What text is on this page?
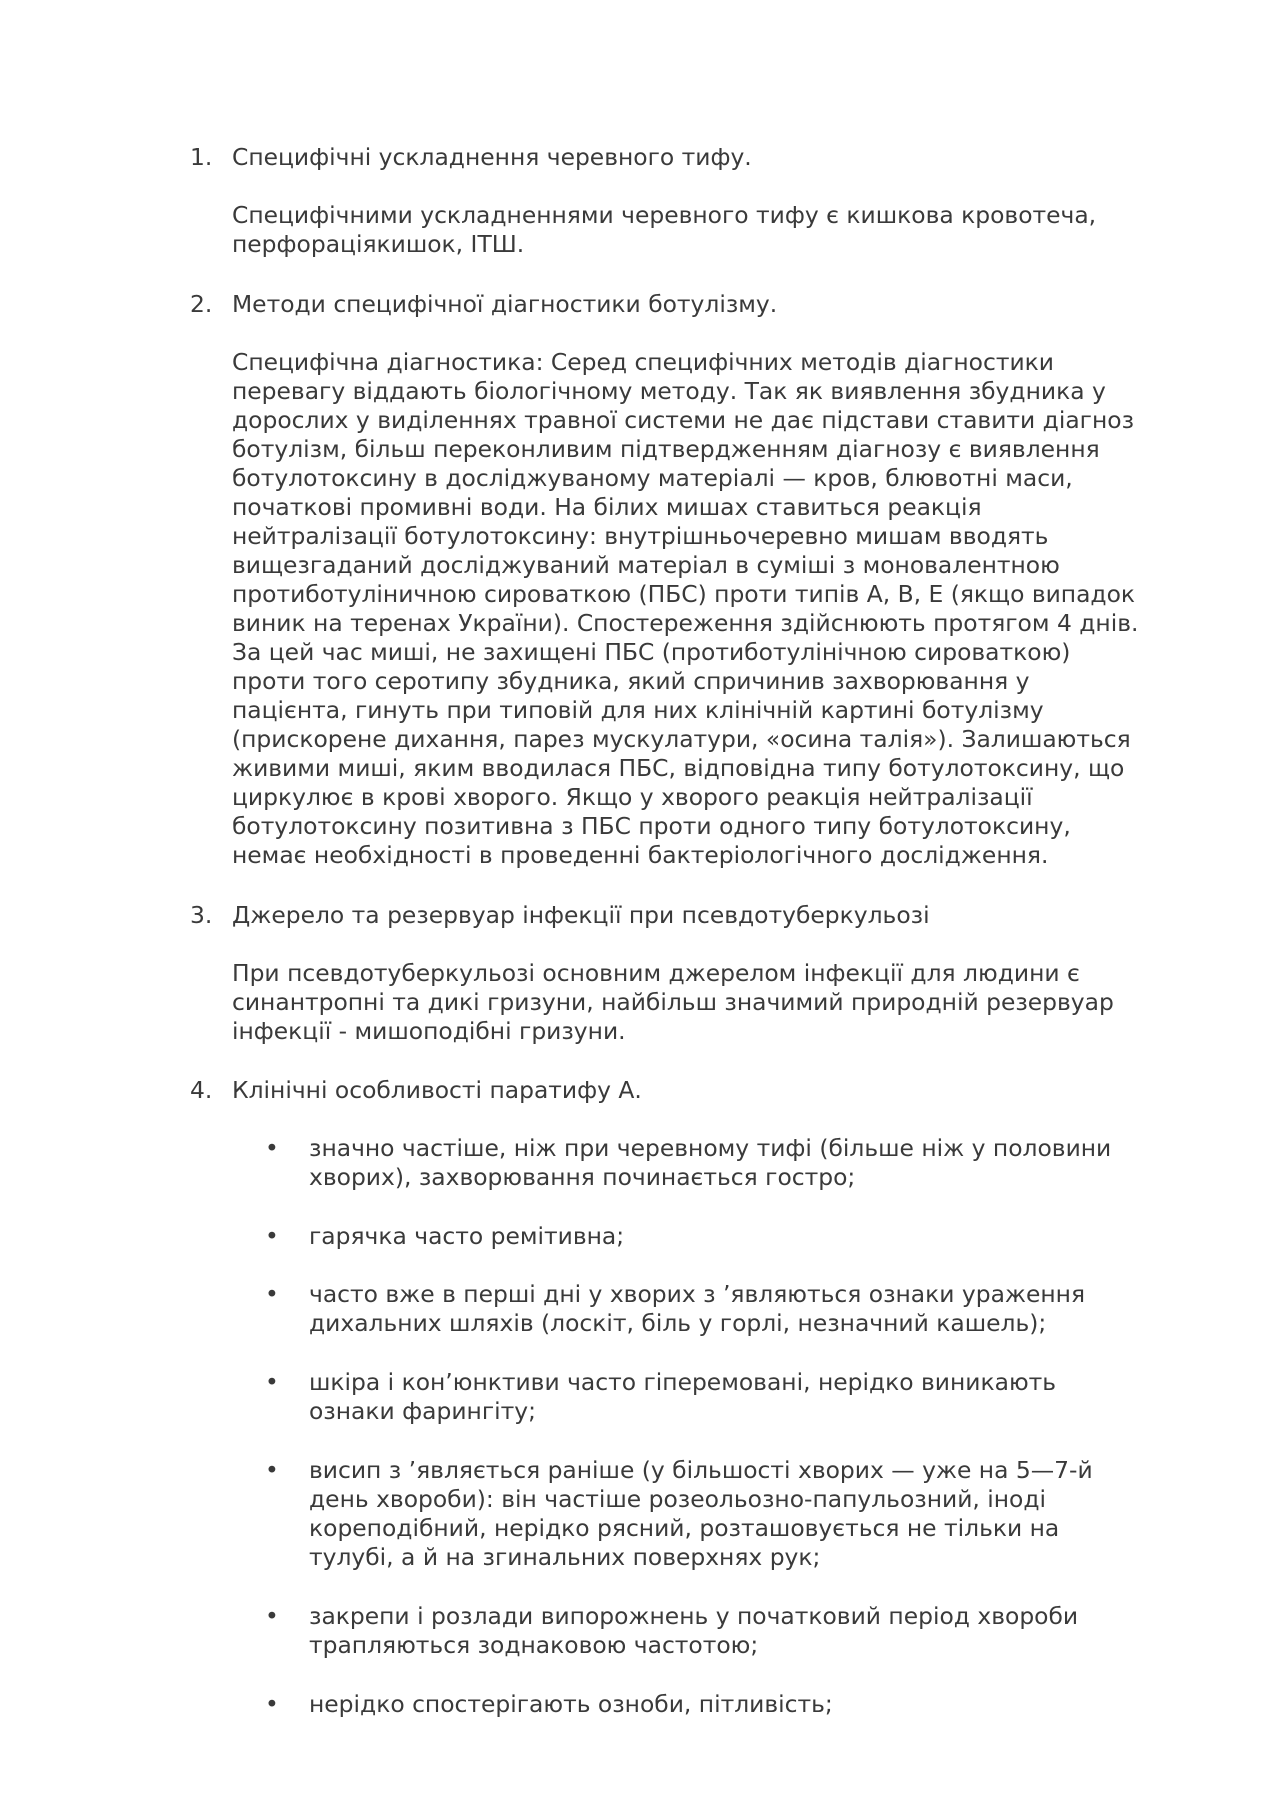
1. Специфічні ускладнення черевного тифу.
Специфічними ускладненнями черевного тифу є кишкова кровотеча,
перфораціякишок, ІТШ.
2. Методи специфічної діагностики ботулізму.
Специфічна діагностика: Серед специфічних методів діагностики
перевагу віддають біологічному методу. Так як виявлення збудника у
дорослих у виділеннях травної системи не дає підстави ставити діагноз
ботулізм, більш переконливим підтвердженням діагнозу є виявлення
ботулотоксину в досліджуваному матеріалі — кров, блювотні маси,
початкові промивні води. На білих мишах ставиться реакція
нейтралізації ботулотоксину: внутрішньочеревно мишам вводять
вищезгаданий досліджуваний матеріал в суміші з моновалентною
протиботуліничною сироваткою (ПБС) проти типів А, В, Е (якщо випадок
виник на теренах України). Спостереження здійснюють протягом 4 днів.
За цей час миші, не захищені ПБС (протиботулінічною сироваткою)
проти того серотипу збудника, який спричинив захворювання у
пацієнта, гинуть при типовій для них клінічній картині ботулізму
(прискорене дихання, парез мускулатури, «осина талія»). Залишаються
живими миші, яким вводилася ПБС, відповідна типу ботулотоксину, що
циркулює в крові хворого. Якщо у хворого реакція нейтралізації
ботулотоксину позитивна з ПБС проти одного типу ботулотоксину,
немає необхідності в проведенні бактеріологічного дослідження.
3. Джерело та резервуар інфекції при псевдотуберкульозі
При псевдотуберкульозі основним джерелом інфекції для людини є
синантропні та дикі гризуни, найбільш значимий природній резервуар
інфекції - мишоподібні гризуни.
4. Клінічні особливості паратифу А.
• значно частіше, ніж при черевному тифі (більше ніж у половини
хворих), захворювання починається гостро;
• гарячка часто ремітивна;
• часто вже в перші дні у хворих з ’являються ознаки ураження
дихальних шляхів (лоскіт, біль у горлі, незначний кашель);
• шкіра і кон’юнктиви часто гіперемовані, нерідко виникають
ознаки фарингіту;
• висип з ’являється раніше (у більшості хворих — уже на 5—7-й
день хвороби): він частіше розеольозно-папульозний, іноді
кореподібний, нерідко рясний, розташовується не тільки на
тулубі, а й на згинальних поверхнях рук;
• закрепи і розлади випорожнень у початковий період хвороби
трапляються зоднаковою частотою;
• нерідко спостерігають озноби, пітливість;
